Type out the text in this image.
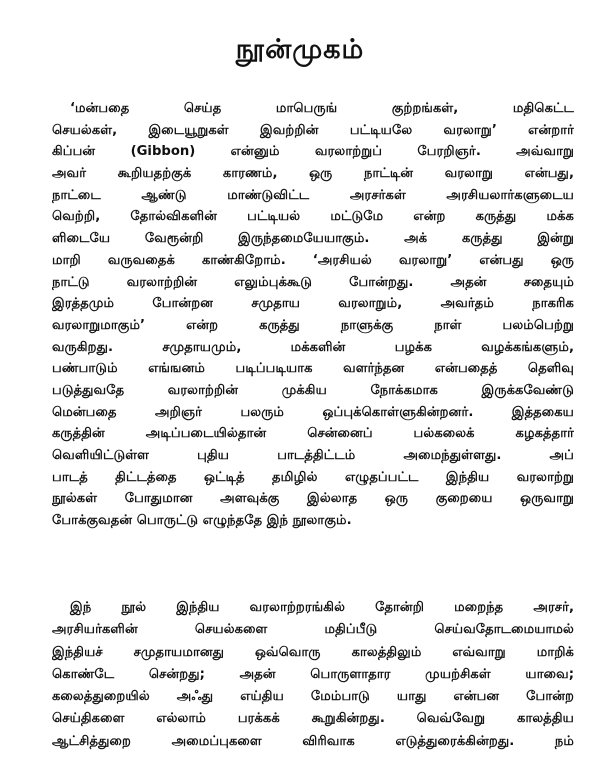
நூன்முகம்
‘மன்பதை செய்த மாபெருங் குற்றங்கள், மதிகெட்ட
செயல்கள், இடையூறுகள் இவற்றின் பட்டியலே வரலாறு’ என்றார்
கிப்பன் (Gibbon) என்னும் வரலாற்றுப் பேரறிஞர். அவ்வாறு
அவர் கூறியதற்குக் காரணம், ஒரு நாட்டின் வரலாறு என்பது,
நாட்டை ஆண்டு மாண்டுவிட்ட அரசர்கள் அரசியலார்களுடைய
வெற்றி, தோல்விகளின் பட்டியல் மட்டுமே என்ற கருத்து மக்க
ளிடையே வேரூன்றி இருந்தமையேயாகும். அக் கருத்து இன்று
மாறி வருவதைக் காண்கிறோம். ‘அரசியல் வரலாறு’ என்பது ஒரு
நாட்டு வரலாற்றின் எலும்புக்கூடு போன்றது. அதன் சதையும்
இரத்தமும் போன்றன சமுதாய வரலாறும், அவர்தம் நாகரிக
வரலாறுமாகும்’ என்ற கருத்து நாளுக்கு நாள் பலம்பெற்று
வருகிறது. சமுதாயமும், மக்களின் பழக்க வழக்கங்களும்,
பண்பாடும் எங்ஙனம் படிப்படியாக வளர்ந்தன என்பதைத் தெளிவு
படுத்துவதே வரலாற்றின் முக்கிய நோக்கமாக இருக்கவேண்டு
மென்பதை அறிஞர் பலரும் ஒப்புக்கொள்ளுகின்றனர். இத்தகைய
கருத்தின் அடிப்படையில்தான் சென்னைப் பல்கலைக் கழகத்தார்
வெளியிட்டுள்ள புதிய பாடத்திட்டம் அமைந்துள்ளது. அப்
பாடத் திட்டத்தை ஒட்டித் தமிழில் எழுதப்பட்ட இந்திய வரலாற்று
நூல்கள் போதுமான அளவுக்கு இல்லாத ஒரு குறையை ஒருவாறு
போக்குவதன் பொருட்டு எழுந்ததே இந் நூலாகும்.
இந் நூல் இந்திய வரலாற்றரங்கில் தோன்றி மறைந்த அரசர்,
அரசியர்களின் செயல்களை மதிப்பீடு செய்வதோடமையாமல்
இந்தியச் சமுதாயமானது ஒவ்வொரு காலத்திலும் எவ்வாறு மாறிக்
கொண்டே சென்றது; அதன் பொருளாதார முயற்சிகள் யாவை;
கலைத்துறையில் அஃது எய்திய மேம்பாடு யாது என்பன போன்ற
செய்திகளை எல்லாம் பரக்கக் கூறுகின்றது. வெவ்வேறு காலத்திய
ஆட்சித்துறை அமைப்புகளை விரிவாக எடுத்துரைக்கின்றது. நம்
